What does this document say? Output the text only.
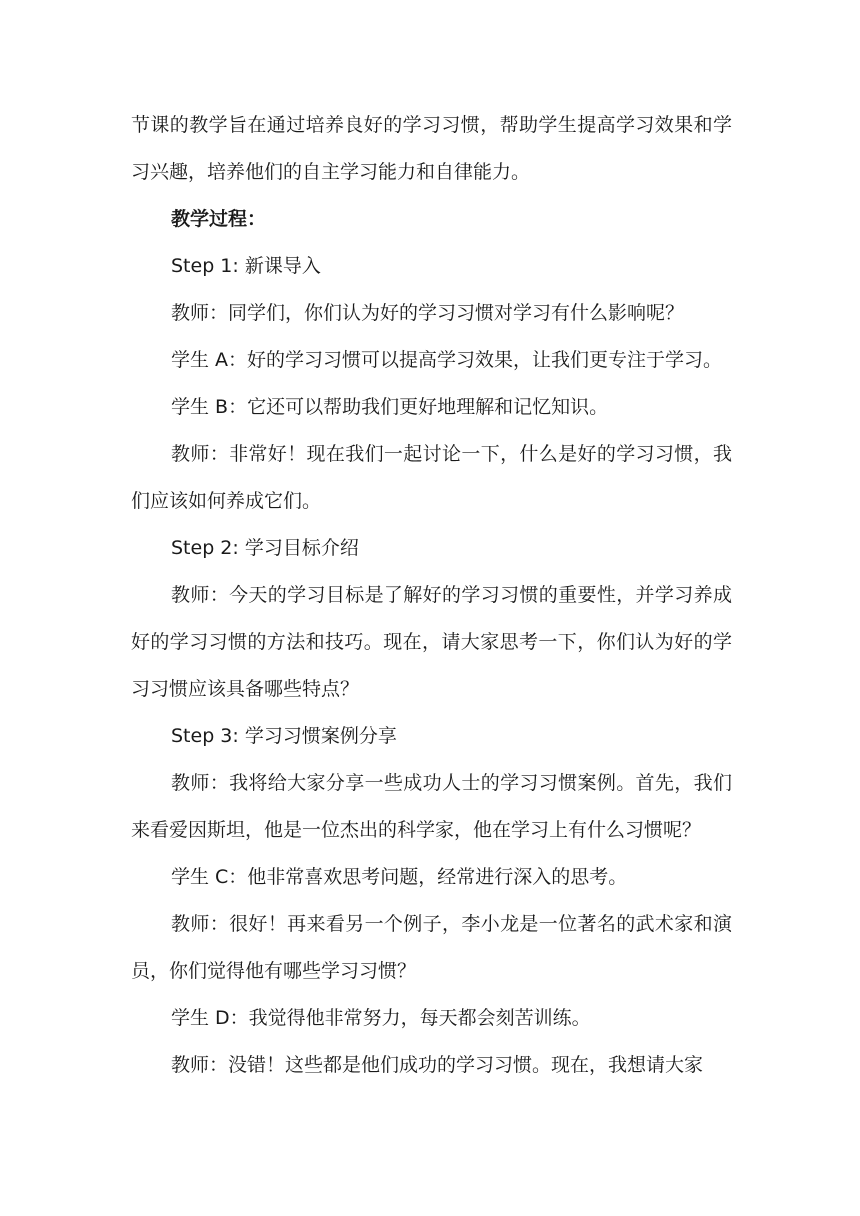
节课的教学旨在通过培养良好的学习习惯，帮助学生提高学习效果和学习兴趣，培养他们的自主学习能力和自律能力。

教学过程：

Step 1: 新课导入

教师：同学们，你们认为好的学习习惯对学习有什么影响呢？

学生 A：好的学习习惯可以提高学习效果，让我们更专注于学习。

学生 B：它还可以帮助我们更好地理解和记忆知识。

教师：非常好！现在我们一起讨论一下，什么是好的学习习惯，我们应该如何养成它们。

Step 2: 学习目标介绍

教师：今天的学习目标是了解好的学习习惯的重要性，并学习养成好的学习习惯的方法和技巧。现在，请大家思考一下，你们认为好的学习习惯应该具备哪些特点？

Step 3: 学习习惯案例分享

教师：我将给大家分享一些成功人士的学习习惯案例。首先，我们来看爱因斯坦，他是一位杰出的科学家，他在学习上有什么习惯呢？

学生 C：他非常喜欢思考问题，经常进行深入的思考。

教师：很好！再来看另一个例子，李小龙是一位著名的武术家和演员，你们觉得他有哪些学习习惯？

学生 D：我觉得他非常努力，每天都会刻苦训练。

教师：没错！这些都是他们成功的学习习惯。现在，我想请大家
